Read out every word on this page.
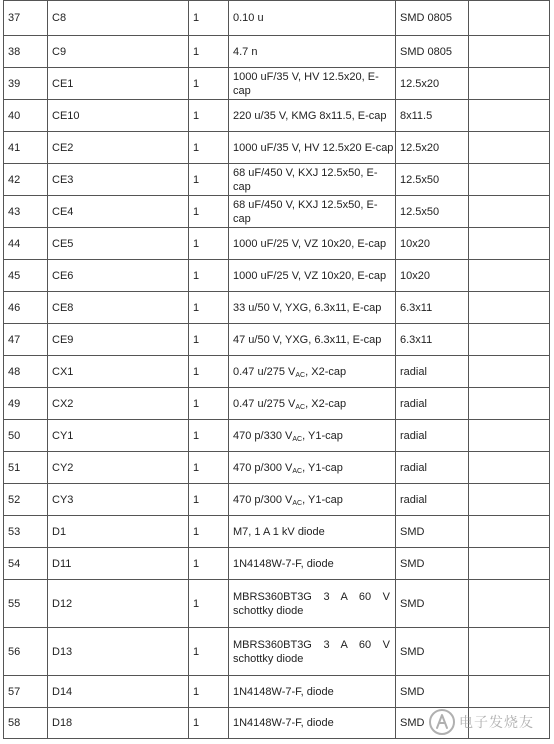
37	C8	1	0.10 u	SMD 0805	
38	C9	1	4.7 n	SMD 0805	
39	CE1	1	1000 uF/35 V, HV 12.5x20, E-cap	12.5x20	
40	CE10	1	220 u/35 V, KMG 8x11.5, E-cap	8x11.5	
41	CE2	1	1000 uF/35 V, HV 12.5x20 E-cap	12.5x20	
42	CE3	1	68 uF/450 V, KXJ 12.5x50, E-cap	12.5x50	
43	CE4	1	68 uF/450 V, KXJ 12.5x50, E-cap	12.5x50	
44	CE5	1	1000 uF/25 V, VZ 10x20, E-cap	10x20	
45	CE6	1	1000 uF/25 V, VZ 10x20, E-cap	10x20	
46	CE8	1	33 u/50 V, YXG, 6.3x11, E-cap	6.3x11	
47	CE9	1	47 u/50 V, YXG, 6.3x11, E-cap	6.3x11	
48	CX1	1	0.47 u/275 $V_{AC}$, X2-cap	radial	
49	CX2	1	0.47 u/275 $V_{AC}$, X2-cap	radial	
50	CY1	1	470 p/330 $V_{AC}$, Y1-cap	radial	
51	CY2	1	470 p/300 $V_{AC}$, Y1-cap	radial	
52	CY3	1	470 p/300 $V_{AC}$, Y1-cap	radial	
53	D1	1	M7, 1 A 1 kV diode	SMD	
54	D11	1	1N4148W-7-F, diode	SMD	
55	D12	1	MBRS360BT3G 3 A 60 V
schottky diode	SMD	
56	D13	1	MBRS360BT3G 3 A 60 V
schottky diode	SMD	
57	D14	1	1N4148W-7-F, diode	SMD	
58	D18	1	1N4148W-7-F, diode	SMD	电子发烧友
